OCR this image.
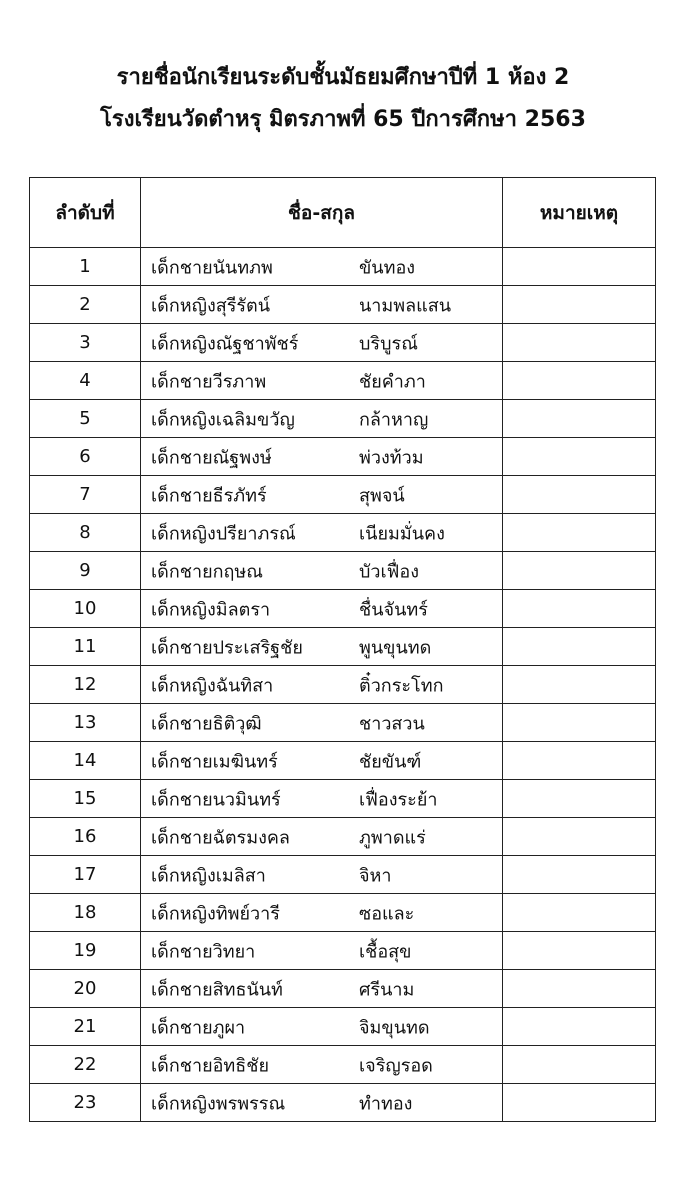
รายชื่อนักเรียนระดับชั้นมัธยมศึกษาปีที่ 1 ห้อง 2
โรงเรียนวัดตำหรุ มิตรภาพที่ 65 ปีการศึกษา 2563
ลำดับที่	ชื่อ-สกุล	หมายเหตุ
1	เด็กชายนันทภพ ขันทอง	

2	เด็กหญิงสุรีรัตน์ นามพลแสน	

3	เด็กหญิงณัฐชาพัชร์ บริบูรณ์	

4	เด็กชายวีรภาพ ชัยคำภา	

5	เด็กหญิงเฉลิมขวัญ กล้าหาญ	

6	เด็กชายณัฐพงษ์ พ่วงท้วม	

7	เด็กชายธีรภัทร์ สุพจน์	

8	เด็กหญิงปรียาภรณ์ เนียมมั่นคง	

9	เด็กชายกฤษณ บัวเฟื่อง	

10	เด็กหญิงมิลตรา ชื่นจันทร์	

11	เด็กชายประเสริฐชัย พูนขุนทด	

12	เด็กหญิงฉันทิสา ติ๋วกระโทก	

13	เด็กชายธิติวุฒิ ชาวสวน	

14	เด็กชายเมฆินทร์ ชัยขันฑ์	

15	เด็กชายนวมินทร์ เฟื่องระย้า	

16	เด็กชายฉัตรมงคล ภูพาดแร่	

17	เด็กหญิงเมลิสา จิหา	

18	เด็กหญิงทิพย์วารี ซอและ	

19	เด็กชายวิทยา เชื้อสุข	

20	เด็กชายสิทธนันท์ ศรีนาม	

21	เด็กชายภูผา จิมขุนทด	

22	เด็กชายอิทธิชัย เจริญรอด	

23	เด็กหญิงพรพรรณ ทำทอง	
